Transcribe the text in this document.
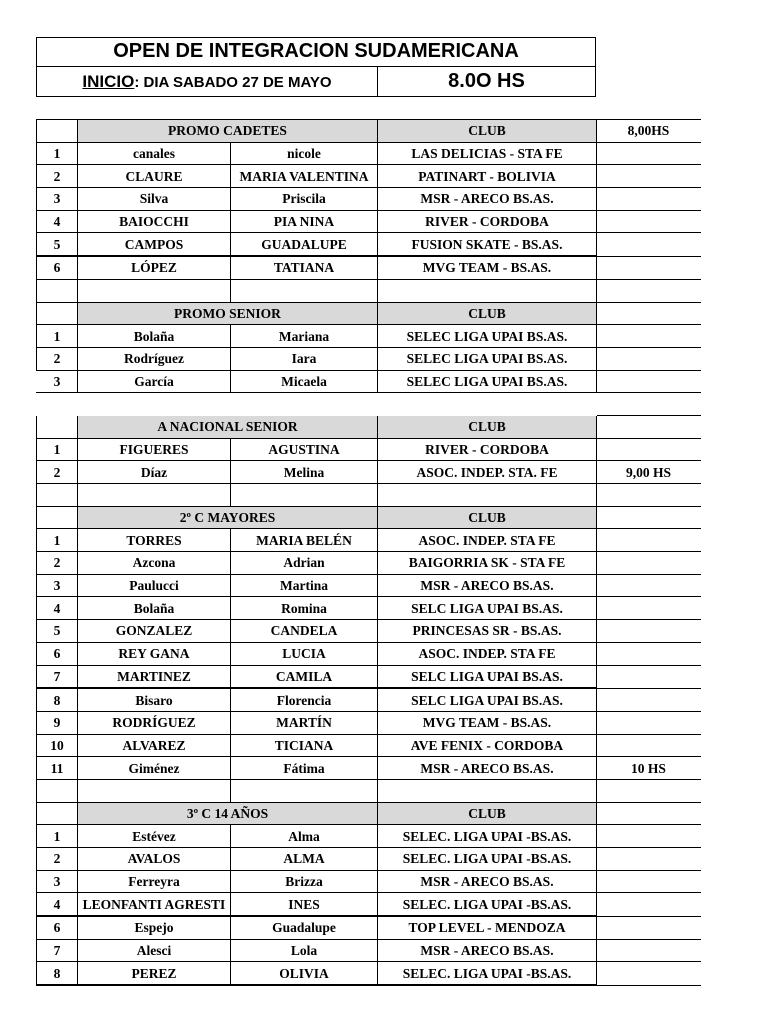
OPEN DE INTEGRACION SUDAMERICANA
INICIO: DIA SABADO 27 DE MAYO	8.0O HS
	PROMO CADETES		CLUB	8,00HS
1	canales	nicole	LAS DELICIAS - STA FE	
2	CLAURE	MARIA VALENTINA	PATINART - BOLIVIA	
3	Silva	Priscila	MSR - ARECO BS.AS.	
4	BAIOCCHI	PIA NINA	RIVER - CORDOBA	
5	CAMPOS	GUADALUPE	FUSION SKATE - BS.AS.	
6	LÓPEZ	TATIANA	MVG TEAM - BS.AS.	

	PROMO SENIOR		CLUB	
1	Bolaña	Mariana	SELEC LIGA UPAI BS.AS.	
2	Rodríguez	Iara	SELEC LIGA UPAI BS.AS.	
3	García	Micaela	SELEC LIGA UPAI BS.AS.	

	A NACIONAL SENIOR		CLUB	
1	FIGUERES	AGUSTINA	RIVER - CORDOBA	
2	Díaz	Melina	ASOC. INDEP. STA. FE	9,00 HS

	2º C MAYORES		CLUB	
1	TORRES	MARIA BELÉN	ASOC. INDEP. STA FE	
2	Azcona	Adrian	BAIGORRIA SK - STA FE	
3	Paulucci	Martina	MSR - ARECO BS.AS.	
4	Bolaña	Romina	SELC LIGA UPAI BS.AS.	
5	GONZALEZ	CANDELA	PRINCESAS SR - BS.AS.	
6	REY GANA	LUCIA	ASOC. INDEP. STA FE	
7	MARTINEZ	CAMILA	SELC LIGA UPAI BS.AS.	
8	Bisaro	Florencia	SELC LIGA UPAI BS.AS.	
9	RODRÍGUEZ	MARTÍN	MVG TEAM - BS.AS.	
10	ALVAREZ	TICIANA	AVE FENIX - CORDOBA	
11	Giménez	Fátima	MSR - ARECO BS.AS.	10 HS

	3º C 14 AÑOS		CLUB	
1	Estévez	Alma	SELEC. LIGA UPAI -BS.AS.	
2	AVALOS	ALMA	SELEC. LIGA UPAI -BS.AS.	
3	Ferreyra	Brizza	MSR - ARECO BS.AS.	
4	LEONFANTI AGRESTI	INES	SELEC. LIGA UPAI -BS.AS.	
6	Espejo	Guadalupe	TOP LEVEL - MENDOZA	
7	Alesci	Lola	MSR - ARECO BS.AS.	
8	PEREZ	OLIVIA	SELEC. LIGA UPAI -BS.AS.	
